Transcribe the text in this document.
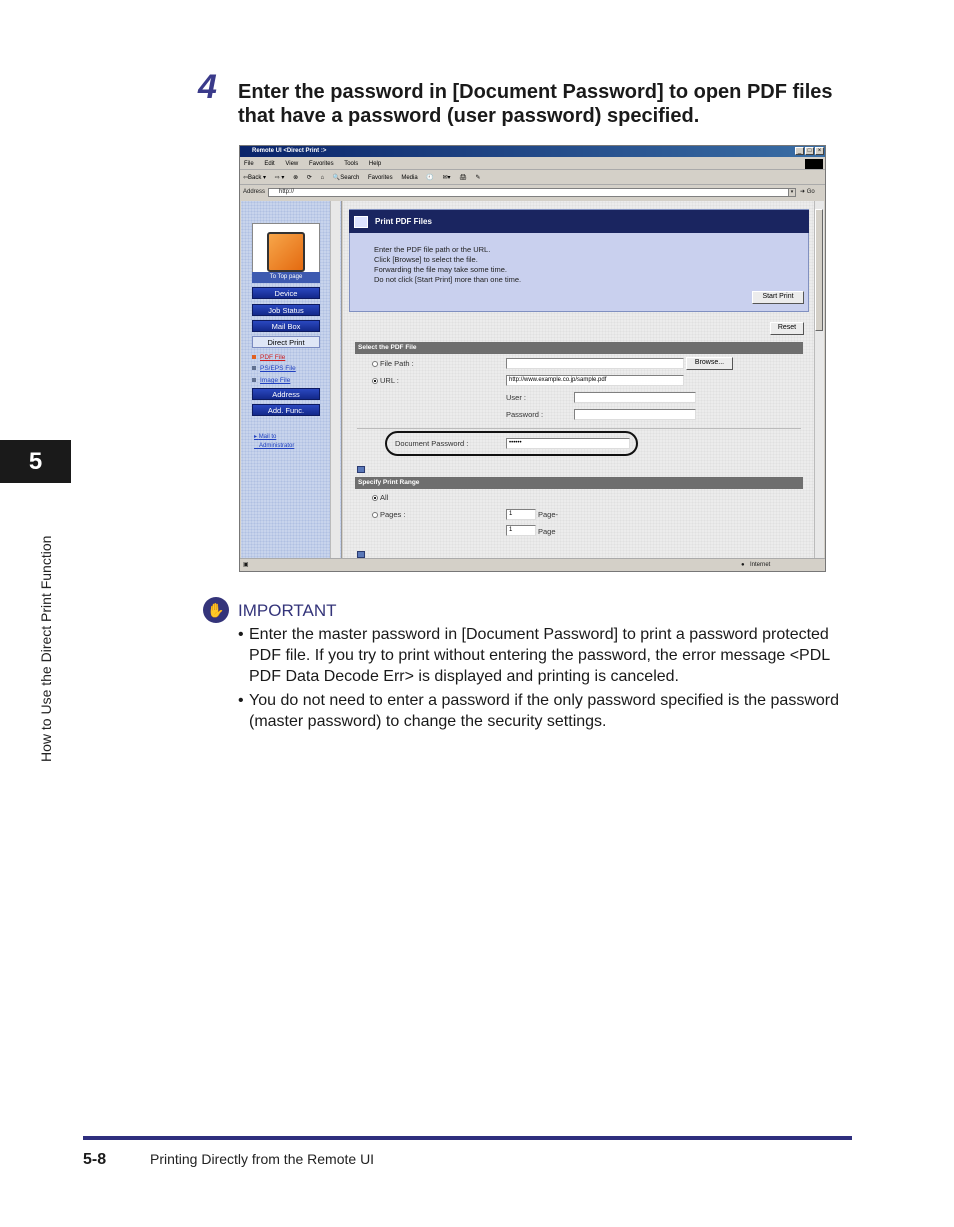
5
How to Use the Direct Print Function
4 Enter the password in [Document Password] to open PDF files that have a password (user password) specified.
Remote UI <Direct Print :>	_	□	×
File Edit View Favorites Tools Help
⇦Back ▾ ⇨ ▾ ⊗ ⟳ ⌂ 🔍Search Favorites Media 🕘 ✉▾ 🖨 ✎
Address	http://	▾	➜ Go
To Top page
Device
Job Status
Mail Box
Direct Print
PDF File
PS/EPS File
Image File
Address
Add. Func.
▸ Mail to
Administrator
Print PDF Files
Enter the PDF file path or the URL.
Click [Browse] to select the file.
Forwarding the file may take some time.
Do not click [Start Print] more than one time.
Start Print
Reset
Select the PDF File
File Path :	Browse...
URL :	http://www.example.co.jp/sample.pdf
User :
Password :
Document Password :	••••••
Specify Print Range
All
Pages :	1	Page-
1	Page
▣	● Internet
✋ IMPORTANT
• Enter the master password in [Document Password] to print a password protected PDF file. If you try to print without entering the password, the error message <PDL PDF Data Decode Err> is displayed and printing is canceled.
• You do not need to enter a password if the only password specified is the password (master password) to change the security settings.
5-8	Printing Directly from the Remote UI
